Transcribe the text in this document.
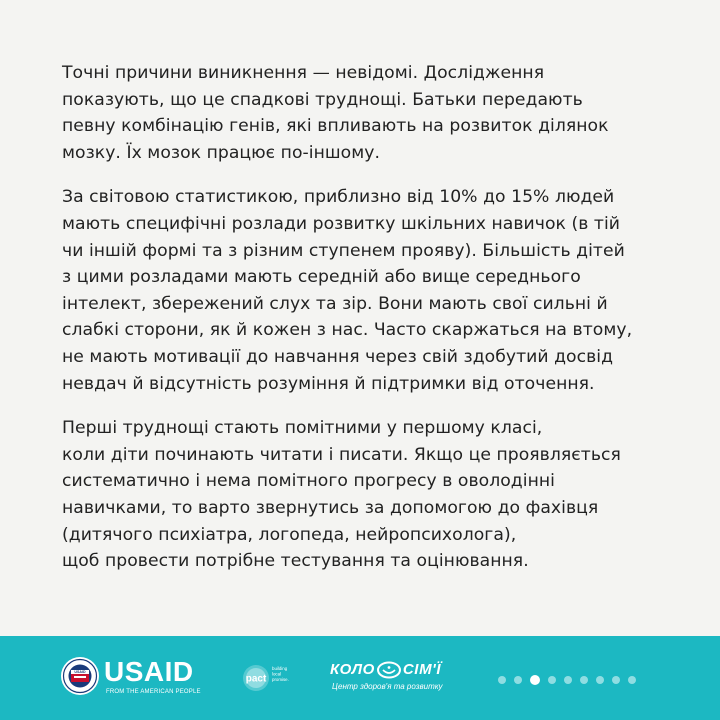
Точні причини виникнення — невідомі. Дослідження
показують, що це спадкові труднощі. Батьки передають
певну комбінацію генів, які впливають на розвиток ділянок
мозку. Їх мозок працює по-іншому.

За світовою статистикою, приблизно від 10% до 15% людей
мають специфічні розлади розвитку шкільних навичок (в тій
чи іншій формі та з різним ступенем прояву). Більшість дітей
з цими розладами мають середній або вище середнього
інтелект, збережений слух та зір. Вони мають свої сильні й
слабкі сторони, як й кожен з нас. Часто скаржаться на втому,
не мають мотивації до навчання через свій здобутий досвід
невдач й відсутність розуміння й підтримки від оточення.

Перші труднощі стають помітними у першому класі,
коли діти починають читати і писати. Якщо це проявляється
систематично і нема помітного прогресу в оволодінні
навичками, то варто звернутись за допомогою до фахівця
(дитячого психіатра, логопеда, нейропсихолога),
щоб провести потрібне тестування та оцінювання.

USAID USAID
FROM THE AMERICAN PEOPLE
pact
building
local
promise.
КОЛО СІМ'Ї
Центр здоров'я та розвитку
